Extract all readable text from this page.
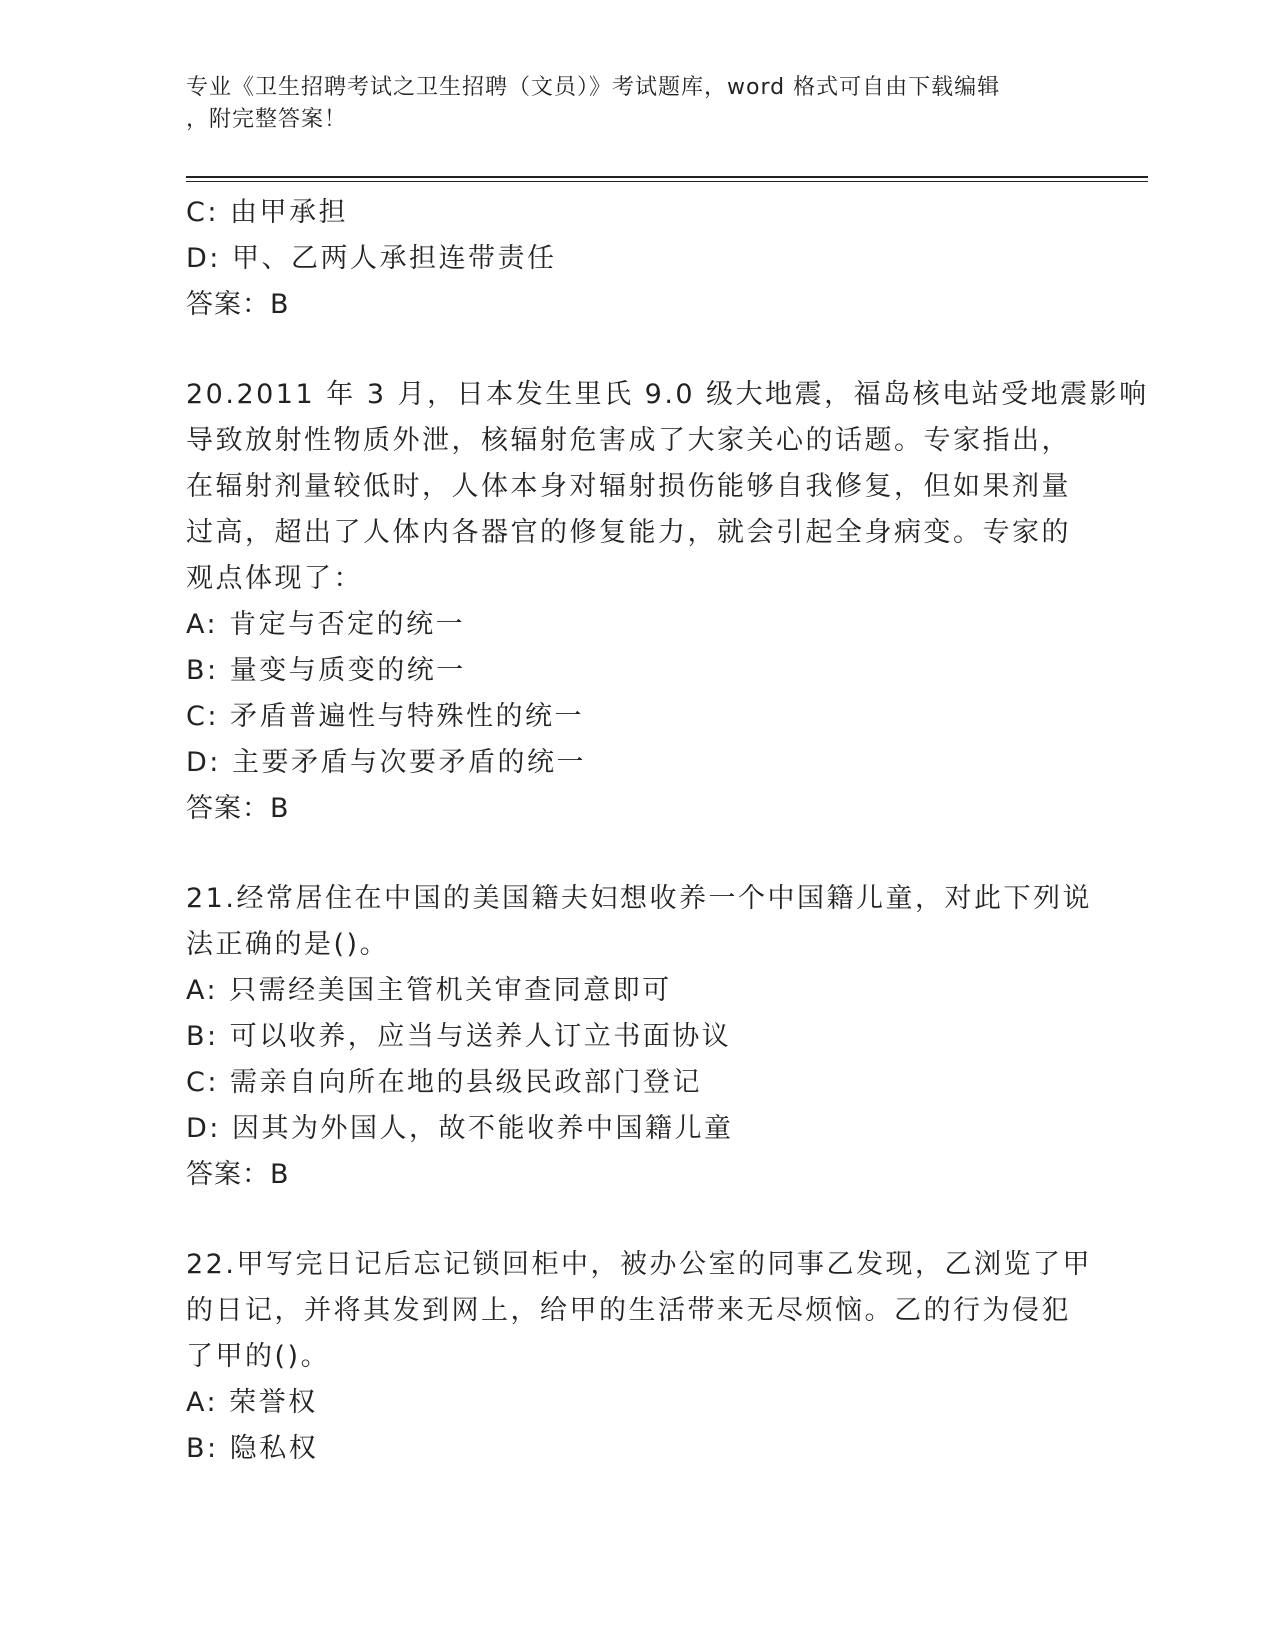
专业《卫生招聘考试之卫生招聘（文员）》考试题库，word 格式可自由下载编辑
，附完整答案！
C: 由甲承担
D: 甲、乙两人承担连带责任
答案：B
20.2011 年 3 月，日本发生里氏 9.0 级大地震，福岛核电站受地震影响
导致放射性物质外泄，核辐射危害成了大家关心的话题。专家指出，
在辐射剂量较低时，人体本身对辐射损伤能够自我修复，但如果剂量
过高，超出了人体内各器官的修复能力，就会引起全身病变。专家的
观点体现了：
A: 肯定与否定的统一
B: 量变与质变的统一
C: 矛盾普遍性与特殊性的统一
D: 主要矛盾与次要矛盾的统一
答案：B
21.经常居住在中国的美国籍夫妇想收养一个中国籍儿童，对此下列说
法正确的是()。
A: 只需经美国主管机关审查同意即可
B: 可以收养，应当与送养人订立书面协议
C: 需亲自向所在地的县级民政部门登记
D: 因其为外国人，故不能收养中国籍儿童
答案：B
22.甲写完日记后忘记锁回柜中，被办公室的同事乙发现，乙浏览了甲
的日记，并将其发到网上，给甲的生活带来无尽烦恼。乙的行为侵犯
了甲的()。
A: 荣誉权
B: 隐私权
